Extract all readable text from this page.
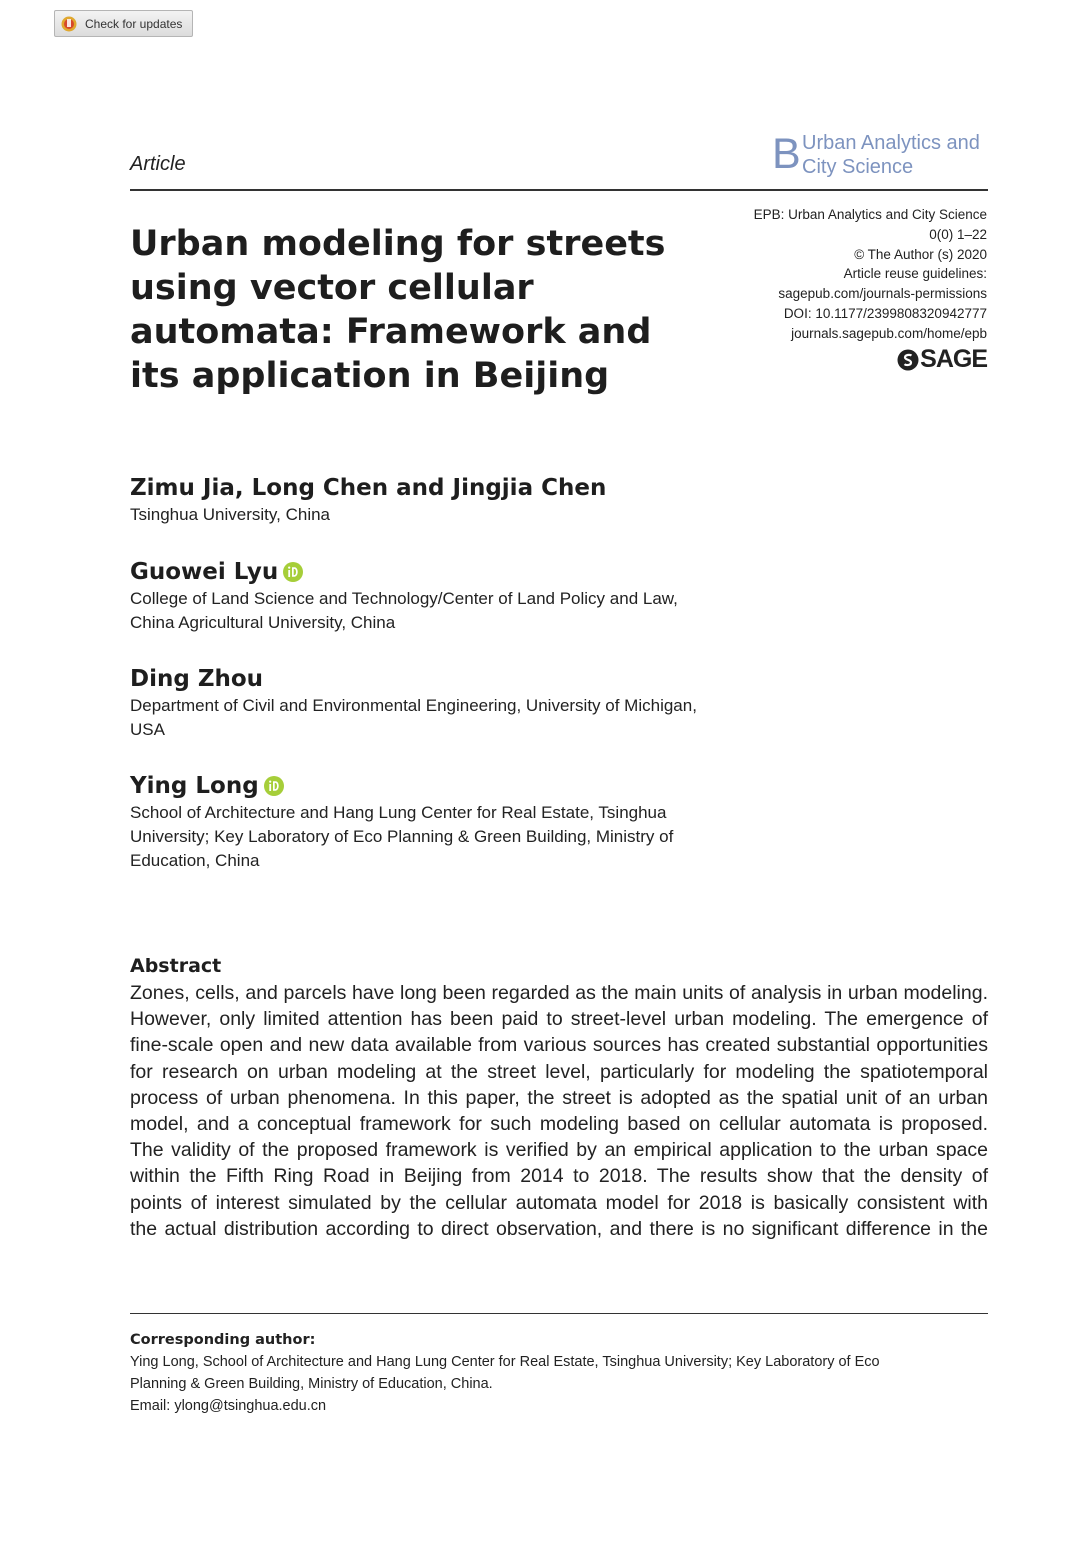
Check for updates
Article	B Urban Analytics and
City Science
Urban modeling for streets using vector cellular automata: Framework and its application in Beijing
EPB: Urban Analytics and City Science
0(0) 1–22
© The Author (s) 2020
Article reuse guidelines:
sagepub.com/journals-permissions
DOI: 10.1177/2399808320942777
journals.sagepub.com/home/epb
SAGE
Zimu Jia, Long Chen and Jingjia Chen
Tsinghua University, China
Guowei Lyu
College of Land Science and Technology/Center of Land Policy and Law, China Agricultural University, China
Ding Zhou
Department of Civil and Environmental Engineering, University of Michigan, USA
Ying Long
School of Architecture and Hang Lung Center for Real Estate, Tsinghua University; Key Laboratory of Eco Planning & Green Building, Ministry of Education, China
Abstract
Zones, cells, and parcels have long been regarded as the main units of analysis in urban modeling.
However, only limited attention has been paid to street-level urban modeling. The emergence of
fine-scale open and new data available from various sources has created substantial opportunities
for research on urban modeling at the street level, particularly for modeling the spatiotemporal
process of urban phenomena. In this paper, the street is adopted as the spatial unit of an urban
model, and a conceptual framework for such modeling based on cellular automata is proposed.
The validity of the proposed framework is verified by an empirical application to the urban space
within the Fifth Ring Road in Beijing from 2014 to 2018. The results show that the density of
points of interest simulated by the cellular automata model for 2018 is basically consistent with
the actual distribution according to direct observation, and there is no significant difference in the
Corresponding author:
Ying Long, School of Architecture and Hang Lung Center for Real Estate, Tsinghua University; Key Laboratory of Eco
Planning & Green Building, Ministry of Education, China.
Email: ylong@tsinghua.edu.cn
